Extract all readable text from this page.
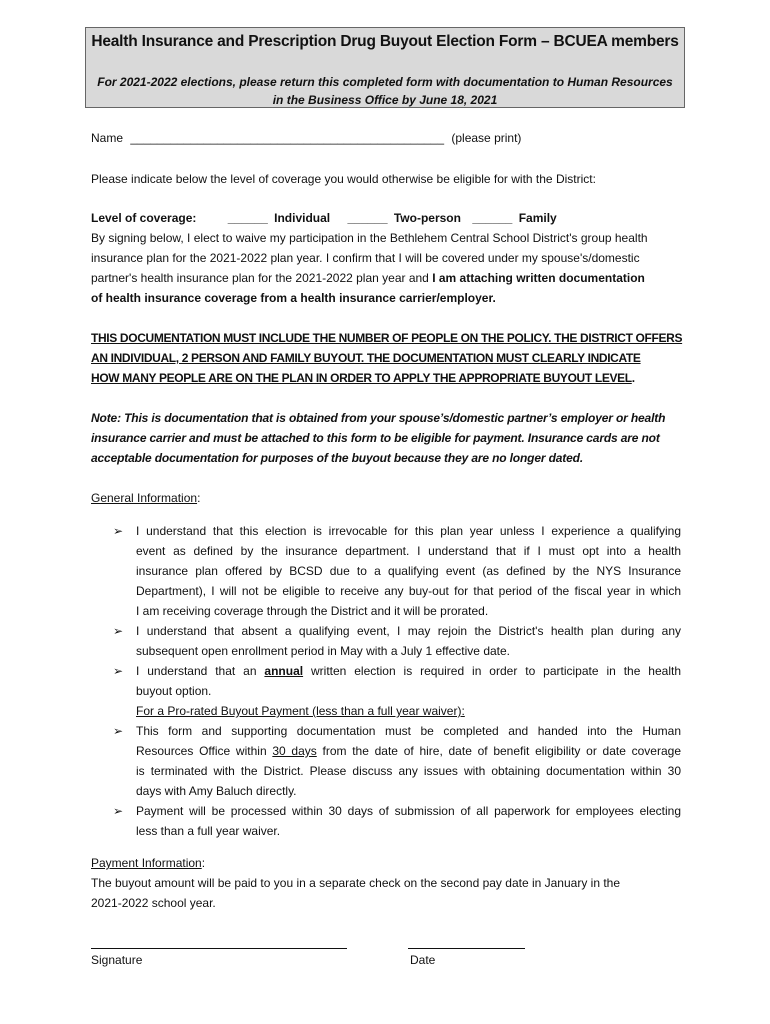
Health Insurance and Prescription Drug Buyout Election Form – BCUEA members
For 2021-2022 elections, please return this completed form with documentation to Human Resources
in the Business Office by June 18, 2021
Name _______________________________________________ (please print)
Please indicate below the level of coverage you would otherwise be eligible for with the District:
Level of coverage:	______ Individual ______ Two-person ______ Family
By signing below, I elect to waive my participation in the Bethlehem Central School District's group health
insurance plan for the 2021-2022 plan year. I confirm that I will be covered under my spouse's/domestic
partner's health insurance plan for the 2021-2022 plan year and I am attaching written documentation
of health insurance coverage from a health insurance carrier/employer.
THIS DOCUMENTATION MUST INCLUDE THE NUMBER OF PEOPLE ON THE POLICY. THE DISTRICT OFFERS
AN INDIVIDUAL, 2 PERSON AND FAMILY BUYOUT. THE DOCUMENTATION MUST CLEARLY INDICATE
HOW MANY PEOPLE ARE ON THE PLAN IN ORDER TO APPLY THE APPROPRIATE BUYOUT LEVEL.
Note: This is documentation that is obtained from your spouse’s/domestic partner’s employer or health
insurance carrier and must be attached to this form to be eligible for payment. Insurance cards are not
acceptable documentation for purposes of the buyout because they are no longer dated.
General Information:
➢ I understand that this election is irrevocable for this plan year unless I experience a qualifying
event as defined by the insurance department. I understand that if I must opt into a health
insurance plan offered by BCSD due to a qualifying event (as defined by the NYS Insurance
Department), I will not be eligible to receive any buy-out for that period of the fiscal year in which
I am receiving coverage through the District and it will be prorated.
➢ I understand that absent a qualifying event, I may rejoin the District's health plan during any
subsequent open enrollment period in May with a July 1 effective date.
➢ I understand that an annual written election is required in order to participate in the health
buyout option.
For a Pro-rated Buyout Payment (less than a full year waiver):
➢ This form and supporting documentation must be completed and handed into the Human
Resources Office within 30 days from the date of hire, date of benefit eligibility or date coverage
is terminated with the District. Please discuss any issues with obtaining documentation within 30
days with Amy Baluch directly.
➢ Payment will be processed within 30 days of submission of all paperwork for employees electing
less than a full year waiver.
Payment Information:
The buyout amount will be paid to you in a separate check on the second pay date in January in the
2021-2022 school year.
Signature	Date
